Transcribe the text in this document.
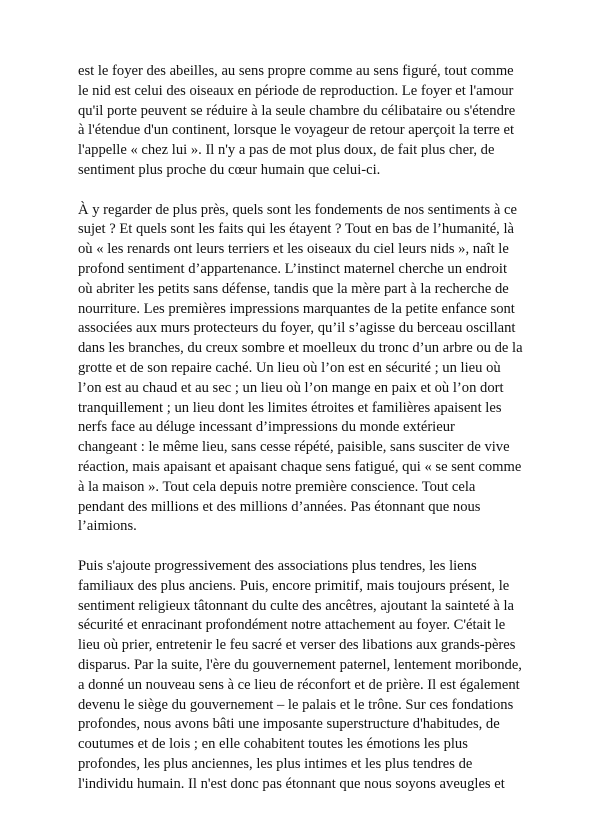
est le foyer des abeilles, au sens propre comme au sens figuré, tout comme
le nid est celui des oiseaux en période de reproduction. Le foyer et l'amour
qu'il porte peuvent se réduire à la seule chambre du célibataire ou s'étendre
à l'étendue d'un continent, lorsque le voyageur de retour aperçoit la terre et
l'appelle « chez lui ». Il n'y a pas de mot plus doux, de fait plus cher, de
sentiment plus proche du cœur humain que celui-ci.

À y regarder de plus près, quels sont les fondements de nos sentiments à ce
sujet ? Et quels sont les faits qui les étayent ? Tout en bas de l’humanité, là
où « les renards ont leurs terriers et les oiseaux du ciel leurs nids », naît le
profond sentiment d’appartenance. L’instinct maternel cherche un endroit
où abriter les petits sans défense, tandis que la mère part à la recherche de
nourriture. Les premières impressions marquantes de la petite enfance sont
associées aux murs protecteurs du foyer, qu’il s’agisse du berceau oscillant
dans les branches, du creux sombre et moelleux du tronc d’un arbre ou de la
grotte et de son repaire caché. Un lieu où l’on est en sécurité ; un lieu où
l’on est au chaud et au sec ; un lieu où l’on mange en paix et où l’on dort
tranquillement ; un lieu dont les limites étroites et familières apaisent les
nerfs face au déluge incessant d’impressions du monde extérieur
changeant : le même lieu, sans cesse répété, paisible, sans susciter de vive
réaction, mais apaisant et apaisant chaque sens fatigué, qui « se sent comme
à la maison ». Tout cela depuis notre première conscience. Tout cela
pendant des millions et des millions d’années. Pas étonnant que nous
l’aimions.

Puis s'ajoute progressivement des associations plus tendres, les liens
familiaux des plus anciens. Puis, encore primitif, mais toujours présent, le
sentiment religieux tâtonnant du culte des ancêtres, ajoutant la sainteté à la
sécurité et enracinant profondément notre attachement au foyer. C'était le
lieu où prier, entretenir le feu sacré et verser des libations aux grands-pères
disparus. Par la suite, l'ère du gouvernement paternel, lentement moribonde,
a donné un nouveau sens à ce lieu de réconfort et de prière. Il est également
devenu le siège du gouvernement – le palais et le trône. Sur ces fondations
profondes, nous avons bâti une imposante superstructure d'habitudes, de
coutumes et de lois ; en elle cohabitent toutes les émotions les plus
profondes, les plus anciennes, les plus intimes et les plus tendres de
l'individu humain. Il n'est donc pas étonnant que nous soyons aveugles et
